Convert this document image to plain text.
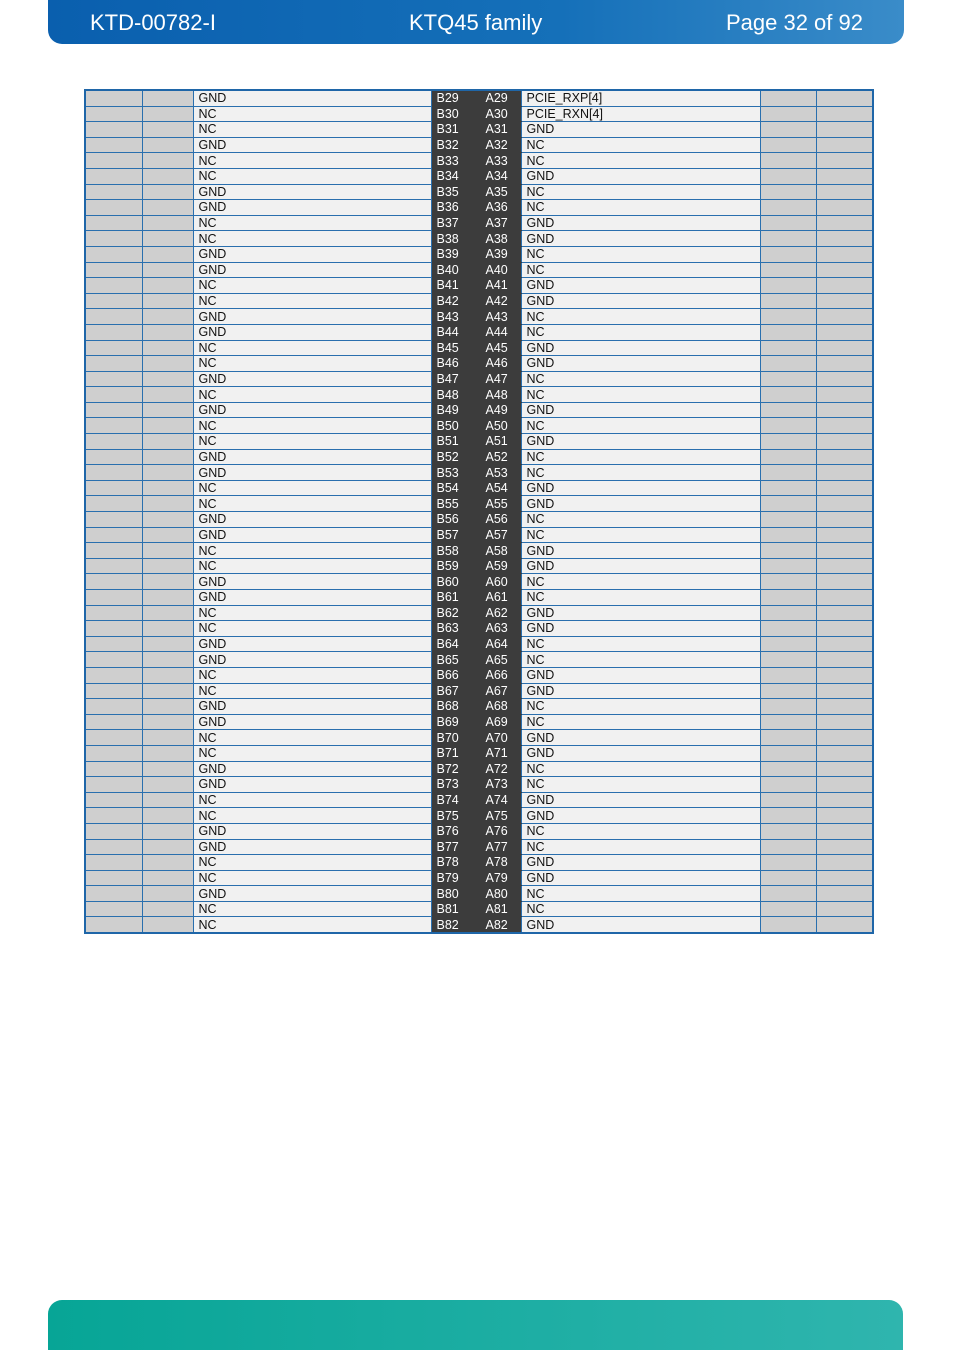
KTD-00782-I	KTQ45 family	Page 32 of 92
		GND	B29	A29	PCIE_RXP[4]		
		NC	B30	A30	PCIE_RXN[4]		
		NC	B31	A31	GND		
		GND	B32	A32	NC		
		NC	B33	A33	NC		
		NC	B34	A34	GND		
		GND	B35	A35	NC		
		GND	B36	A36	NC		
		NC	B37	A37	GND		
		NC	B38	A38	GND		
		GND	B39	A39	NC		
		GND	B40	A40	NC		
		NC	B41	A41	GND		
		NC	B42	A42	GND		
		GND	B43	A43	NC		
		GND	B44	A44	NC		
		NC	B45	A45	GND		
		NC	B46	A46	GND		
		GND	B47	A47	NC		
		NC	B48	A48	NC		
		GND	B49	A49	GND		
		NC	B50	A50	NC		
		NC	B51	A51	GND		
		GND	B52	A52	NC		
		GND	B53	A53	NC		
		NC	B54	A54	GND		
		NC	B55	A55	GND		
		GND	B56	A56	NC		
		GND	B57	A57	NC		
		NC	B58	A58	GND		
		NC	B59	A59	GND		
		GND	B60	A60	NC		
		GND	B61	A61	NC		
		NC	B62	A62	GND		
		NC	B63	A63	GND		
		GND	B64	A64	NC		
		GND	B65	A65	NC		
		NC	B66	A66	GND		
		NC	B67	A67	GND		
		GND	B68	A68	NC		
		GND	B69	A69	NC		
		NC	B70	A70	GND		
		NC	B71	A71	GND		
		GND	B72	A72	NC		
		GND	B73	A73	NC		
		NC	B74	A74	GND		
		NC	B75	A75	GND		
		GND	B76	A76	NC		
		GND	B77	A77	NC		
		NC	B78	A78	GND		
		NC	B79	A79	GND		
		GND	B80	A80	NC		
		NC	B81	A81	NC		
		NC	B82	A82	GND		
